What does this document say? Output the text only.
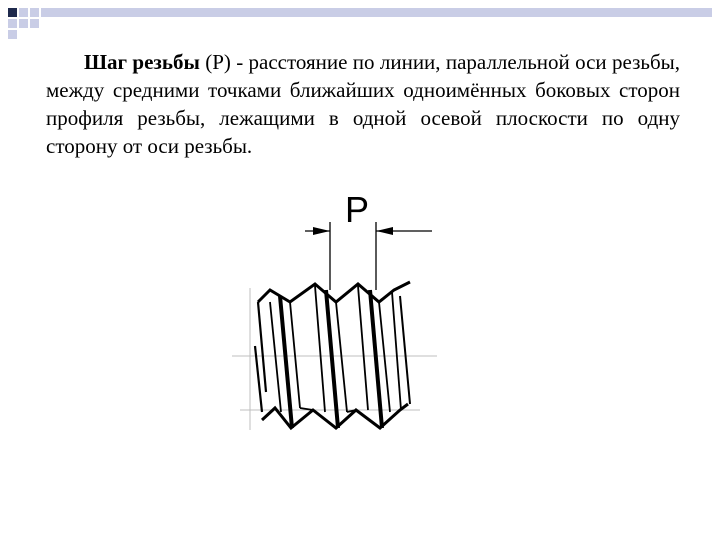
Шаг резьбы (P) - расстояние по линии, параллельной оси резьбы, между средними точками ближайших одноимённых боковых сторон профиля резьбы, лежащими в одной осевой плоскости по одну сторону от оси резьбы.

P
